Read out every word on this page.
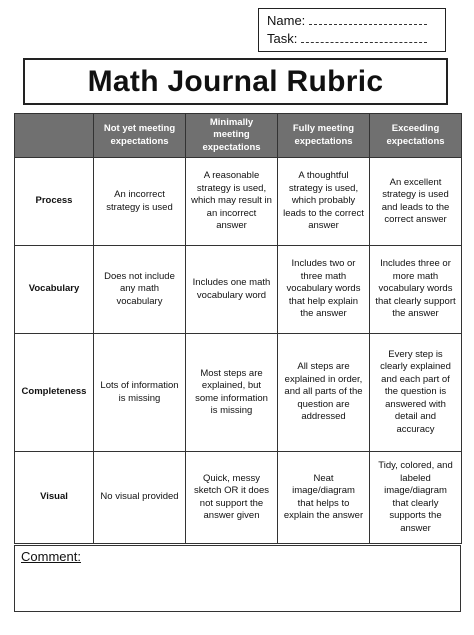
Name:
Task:
Math Journal Rubric
	Not yet meeting expectations	Minimally meeting expectations	Fully meeting expectations	Exceeding expectations
Process	An incorrect strategy is used	A reasonable strategy is used, which may result in an incorrect answer	A thoughtful strategy is used, which probably leads to the correct answer	An excellent strategy is used and leads to the correct answer
Vocabulary	Does not include any math vocabulary	Includes one math vocabulary word	Includes two or three math vocabulary words that help explain the answer	Includes three or more math vocabulary words that clearly support the answer
Completeness	Lots of information is missing	Most steps are explained, but some information is missing	All steps are explained in order, and all parts of the question are addressed	Every step is clearly explained and each part of the question is answered with detail and accuracy
Visual	No visual provided	Quick, messy sketch OR it does not support the answer given	Neat image/diagram that helps to explain the answer	Tidy, colored, and labeled image/diagram that clearly supports the answer
Comment:
